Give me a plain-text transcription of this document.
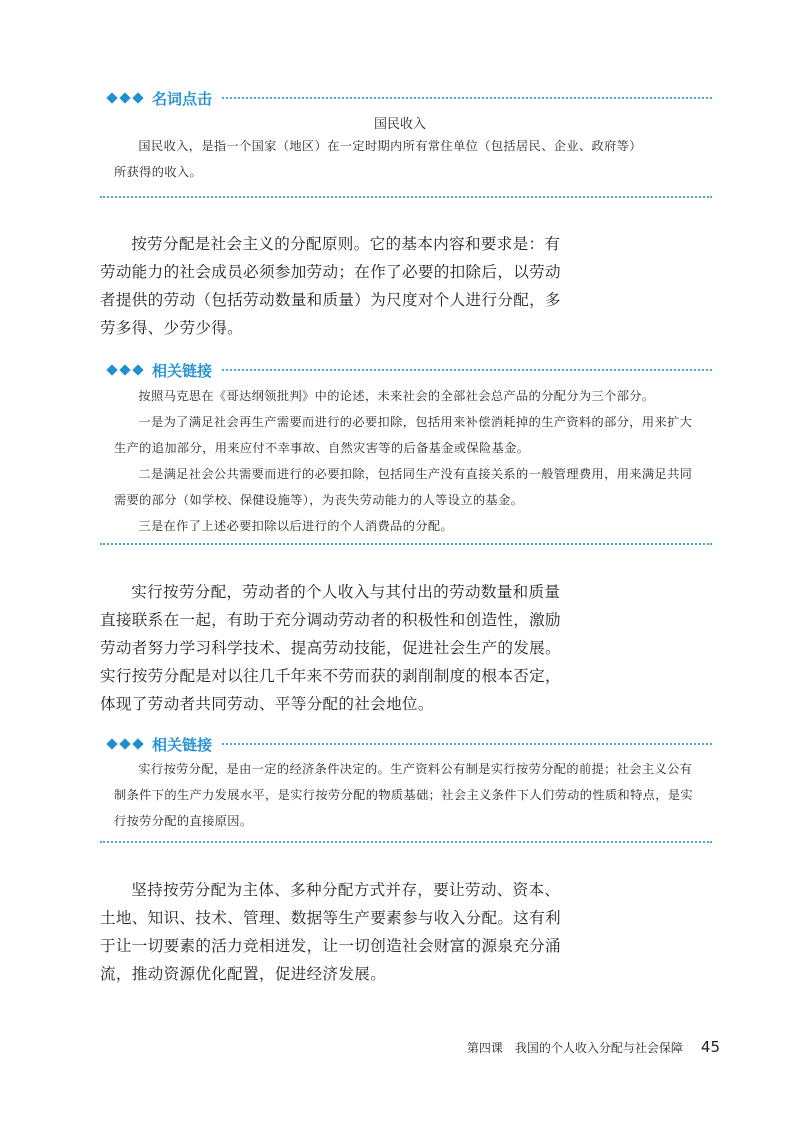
名词点击
国民收入

国民收入，是指一个国家（地区）在一定时期内所有常住单位（包括居民、企业、政府等）

所获得的收入。

按劳分配是社会主义的分配原则。它的基本内容和要求是：有劳动能力的社会成员必须参加劳动；在作了必要的扣除后，以劳动者提供的劳动（包括劳动数量和质量）为尺度对个人进行分配，多劳多得、少劳少得。

相关链接

按照马克思在《哥达纲领批判》中的论述，未来社会的全部社会总产品的分配分为三个部分。

一是为了满足社会再生产需要而进行的必要扣除，包括用来补偿消耗掉的生产资料的部分，用来扩大生产的追加部分，用来应付不幸事故、自然灾害等的后备基金或保险基金。

二是满足社会公共需要而进行的必要扣除，包括同生产没有直接关系的一般管理费用，用来满足共同需要的部分（如学校、保健设施等），为丧失劳动能力的人等设立的基金。

三是在作了上述必要扣除以后进行的个人消费品的分配。

实行按劳分配，劳动者的个人收入与其付出的劳动数量和质量直接联系在一起，有助于充分调动劳动者的积极性和创造性，激励劳动者努力学习科学技术、提高劳动技能，促进社会生产的发展。实行按劳分配是对以往几千年来不劳而获的剥削制度的根本否定，体现了劳动者共同劳动、平等分配的社会地位。

相关链接

实行按劳分配，是由一定的经济条件决定的。生产资料公有制是实行按劳分配的前提；社会主义公有制条件下的生产力发展水平，是实行按劳分配的物质基础；社会主义条件下人们劳动的性质和特点，是实行按劳分配的直接原因。

坚持按劳分配为主体、多种分配方式并存，要让劳动、资本、土地、知识、技术、管理、数据等生产要素参与收入分配。这有利于让一切要素的活力竞相迸发，让一切创造社会财富的源泉充分涌流，推动资源优化配置，促进经济发展。

第四课　我国的个人收入分配与社会保障 45
